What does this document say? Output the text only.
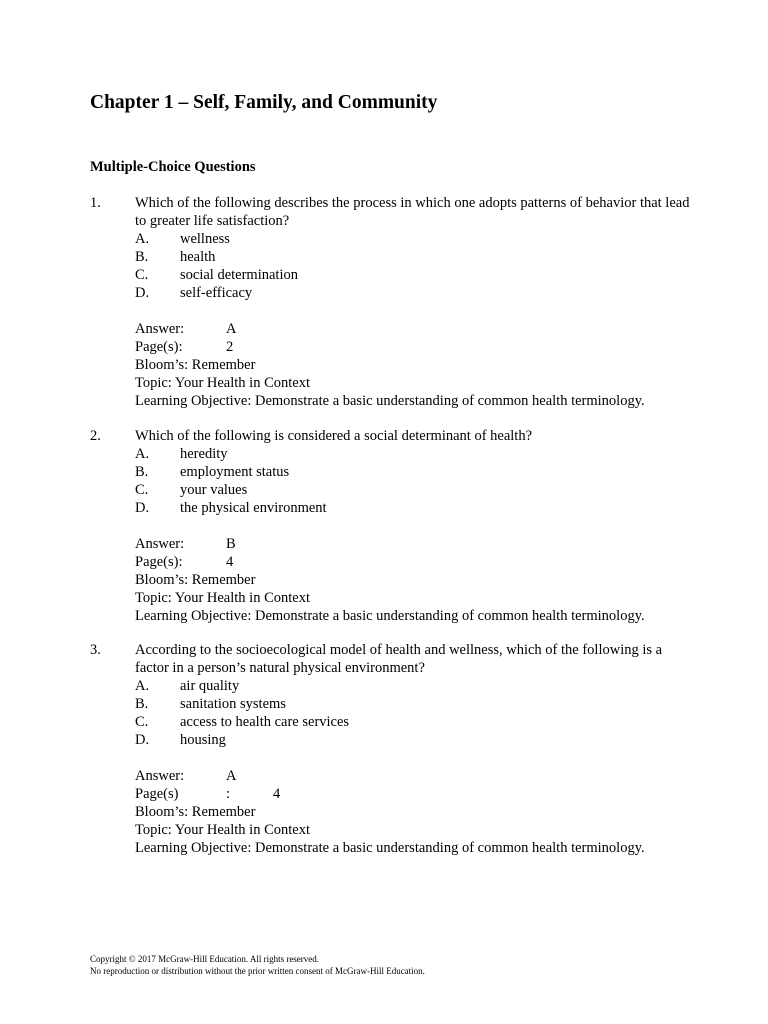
Chapter 1 – Self, Family, and Community
Multiple-Choice Questions
1. Which of the following describes the process in which one adopts patterns of behavior that lead to greater life satisfaction?
A.	wellness
B.	health
C.	social determination
D.	self-efficacy
Answer:	A
Page(s):	2
Bloom’s: Remember
Topic: Your Health in Context
Learning Objective: Demonstrate a basic understanding of common health terminology.
2. Which of the following is considered a social determinant of health?
A.	heredity
B.	employment status
C.	your values
D.	the physical environment
Answer:	B
Page(s):	4
Bloom’s: Remember
Topic: Your Health in Context
Learning Objective: Demonstrate a basic understanding of common health terminology.
3. According to the socioecological model of health and wellness, which of the following is a factor in a person’s natural physical environment?
A.	air quality
B.	sanitation systems
C.	access to health care services
D.	housing
Answer:	A
Page(s)	:	4
Bloom’s: Remember
Topic: Your Health in Context
Learning Objective: Demonstrate a basic understanding of common health terminology.
Copyright © 2017 McGraw-Hill Education. All rights reserved.
No reproduction or distribution without the prior written consent of McGraw-Hill Education.
